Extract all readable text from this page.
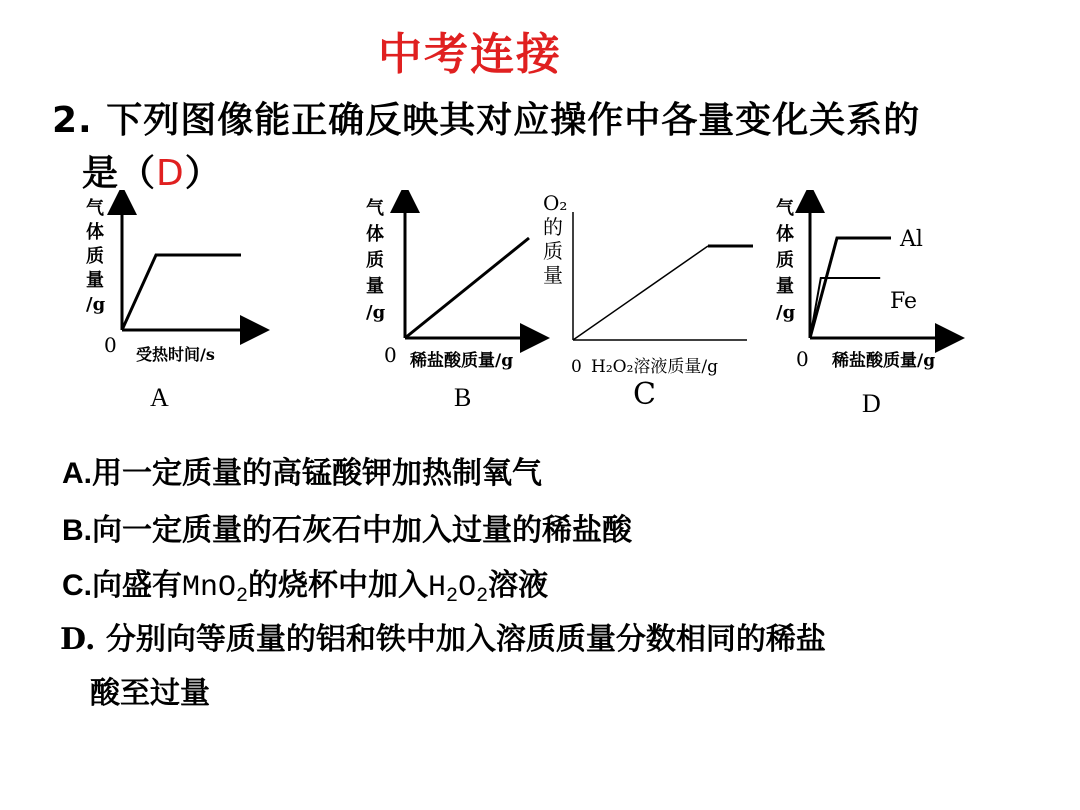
中考连接
2. 下列图像能正确反映其对应操作中各量变化关系的
是（D）
气
体
质
量
/g
0 受热时间/s
A
气
体
质
量
/g
0 稀盐酸质量/g
B
O₂
的
质
量
0 H₂O₂溶液质量/g
C
气
体
质
量
/g
0 稀盐酸质量/g
Al
Fe
D
A.用一定质量的高锰酸钾加热制氧气
B.向一定质量的石灰石中加入过量的稀盐酸
C.向盛有MnO$_2$的烧杯中加入$H_2O_2$溶液
D. 分别向等质量的铝和铁中加入溶质质量分数相同的稀盐
酸至过量
